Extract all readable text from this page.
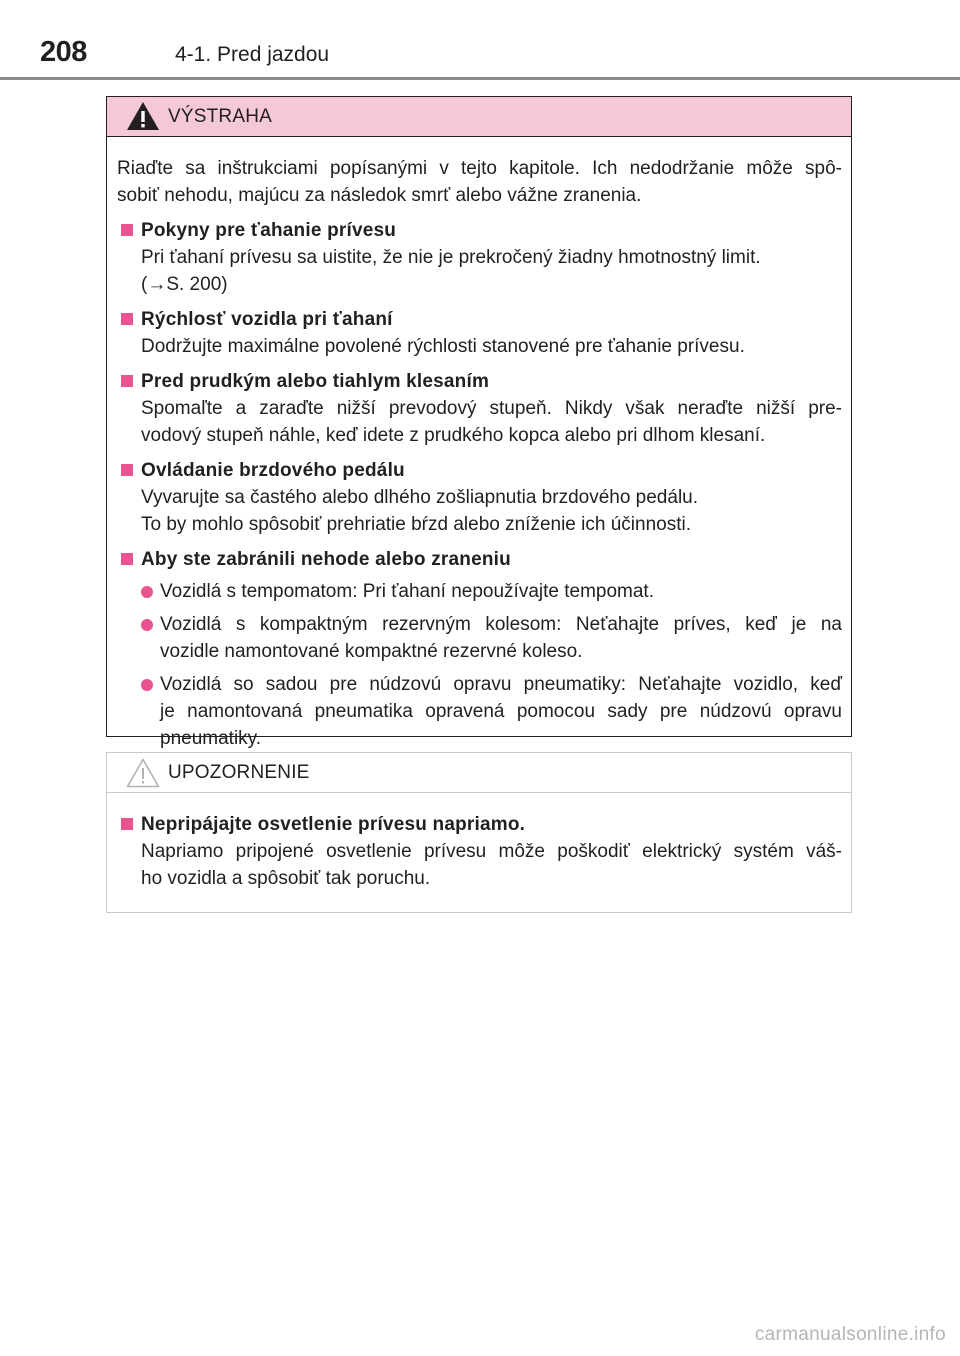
208	4-1. Pred jazdou
VÝSTRAHA
Riaďte sa inštrukciami popísanými v tejto kapitole. Ich nedodržanie môže spô-
sobiť nehodu, majúcu za následok smrť alebo vážne zranenia.
Pokyny pre ťahanie prívesu
Pri ťahaní prívesu sa uistite, že nie je prekročený žiadny hmotnostný limit.
(→S. 200)
Rýchlosť vozidla pri ťahaní
Dodržujte maximálne povolené rýchlosti stanovené pre ťahanie prívesu.
Pred prudkým alebo tiahlym klesaním
Spomaľte a zaraďte nižší prevodový stupeň. Nikdy však neraďte nižší pre-
vodový stupeň náhle, keď idete z prudkého kopca alebo pri dlhom klesaní.
Ovládanie brzdového pedálu
Vyvarujte sa častého alebo dlhého zošliapnutia brzdového pedálu.
To by mohlo spôsobiť prehriatie bŕzd alebo zníženie ich účinnosti.
Aby ste zabránili nehode alebo zraneniu
Vozidlá s tempomatom: Pri ťahaní nepoužívajte tempomat.
Vozidlá s kompaktným rezervným kolesom: Neťahajte príves, keď je na
vozidle namontované kompaktné rezervné koleso.
Vozidlá so sadou pre núdzovú opravu pneumatiky: Neťahajte vozidlo, keď
je namontovaná pneumatika opravená pomocou sady pre núdzovú opravu
pneumatiky.
UPOZORNENIE
Nepripájajte osvetlenie prívesu napriamo.
Napriamo pripojené osvetlenie prívesu môže poškodiť elektrický systém váš-
ho vozidla a spôsobiť tak poruchu.
carmanualsonline.info
